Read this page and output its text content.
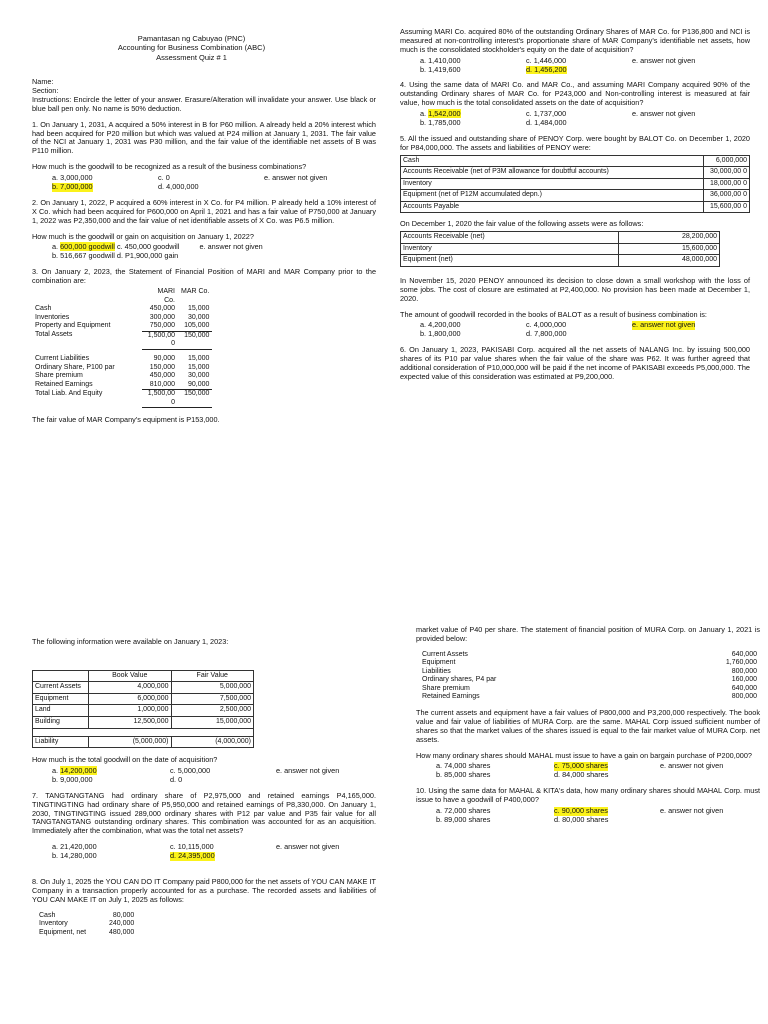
Pamantasan ng Cabuyao (PNC)
Accounting for Business Combination (ABC)
Assessment Quiz # 1
Name:
Section:

Instructions: Encircle the letter of your answer. Erasure/Alteration will invalidate your answer. Use black or blue ball pen only. No name is 50% deduction.

1. On January 1, 2031, A acquired a 50% interest in B for P60 million. A already held a 20% interest which had been acquired for P20 million but which was valued at P24 million at January 1, 2031. The fair value of the NCI at January 1, 2031 was P30 million, and the fair value of the identifiable net assets of B was P110 million.

How much is the goodwill to be recognized as a result of the business combinations?

a. 3,000,000	c. 0	e. answer not given
b. 7,000,000	d. 4,000,000

2. On January 1, 2022, P acquired a 60% interest in X Co. for P4 million. P already held a 10% interest of X Co. which had been acquired for P600,000 on April 1, 2021 and has a fair value of P750,000 at January 1, 2022 was P2,350,000 and the fair value of net identifiable assets of X Co. was P6.5 million.

How much is the goodwill or gain on acquisition on January 1, 2022?

a. 600,000 goodwill c. 450,000 goodwill	e. answer not given
b. 516,667 goodwill d. P1,900,000 gain

3. On January 2, 2023, the Statement of Financial Position of MARI and MAR Company prior to the combination are:

	MARI Co.	MAR Co.
Cash	450,000	15,000
Inventories	300,000	30,000
Property and Equipment	750,000	105,000
Total Assets	1,500,00 0	150,000

Current Liabilities	90,000	15,000
Ordinary Share, P100 par	150,000	15,000
Share premium	450,000	30,000
Retained Earnings	810,000	90,000
Total Liab. And Equity	1,500,00 0	150,000

The fair value of MAR Company's equipment is P153,000.

Assuming MARI Co. acquired 80% of the outstanding Ordinary Shares of MAR Co. for P136,800 and NCI is measured at non-controlling interest's proportionate share of MAR Company's identifiable net assets, how much is the consolidated stockholder's equity on the date of acquisition?

a. 1,410,000	c. 1,446,000	e. answer not given
b. 1,419,600	d. 1,456,200

4. Using the same data of MARI Co. and MAR Co., and assuming MARI Company acquired 90% of the outstanding Ordinary shares of MAR Co. for P243,000 and Non-controlling interest is measured at fair value, how much is the total consolidated assets on the date of acquisition?

a. 1,542,000	c. 1,737,000	e. answer not given
b. 1,785,000	d. 1,484,000

5. All the issued and outstanding share of PENOY Corp. were bought by BALOT Co. on December 1, 2020 for P84,000,000. The assets and liabilities of PENOY were:

Cash	6,000,000
Accounts Receivable (net of P3M allowance for doubtful accounts)	30,000,00 0
Inventory	18,000,00 0
Equipment (net of P12M accumulated depn.)	36,000,00 0
Accounts Payable	15,600,00 0

On December 1, 2020 the fair value of the following assets were as follows:

Accounts Receivable (net)	28,200,000
Inventory	15,600,000
Equipment (net)	48,000,000

In November 15, 2020 PENOY announced its decision to close down a small workshop with the loss of some jobs. The cost of closure are estimated at P2,400,000. No provision has been made at December 1, 2020.

The amount of goodwill recorded in the books of BALOT as a result of business combination is:

a. 4,200,000	c. 4,000,000	e. answer not given
b. 1,800,000	d. 7,800,000

6. On January 1, 2023, PAKISABI Corp. acquired all the net assets of NALANG Inc. by issuing 500,000 shares of its P10 par value shares when the fair value of the share was P62. It was further agreed that additional consideration of P10,000,000 will be paid if the net income of PAKISABI exceeds P5,000,000. The expected value of this consideration was estimated at P9,200,000.

The following information were available on January 1, 2023:

	Book Value	Fair Value
Current Assets	4,000,000	5,000,000
Equipment	6,000,000	7,500,000
Land	1,000,000	2,500,000
Building	12,500,000	15,000,000

Liability	(5,000,000)	(4,000,000)

How much is the total goodwill on the date of acquisition?

a. 14,200,000	c. 5,000,000	e. answer not given
b. 9,000,000	d. 0

7. TANGTANGTANG had ordinary share of P2,975,000 and retained earnings P4,165,000. TINGTINGTING had ordinary share of P5,950,000 and retained earnings of P8,330,000. On January 1, 2030, TINGTINGTING issued 289,000 ordinary shares with P12 par value and P35 fair value for all TANGTANGTANG outstanding ordinary shares. This combination was accounted for as an acquisition. Immediately after the combination, what was the total net assets?

a. 21,420,000	c. 10,115,000	e. answer not given
b. 14,280,000	d. 24,395,000

8. On July 1, 2025 the YOU CAN DO IT Company paid P800,000 for the net assets of YOU CAN MAKE IT Company in a transaction properly accounted for as a purchase. The recorded assets and liabilities of YOU CAN MAKE IT on July 1, 2025 as follows:

Cash	80,000
Inventory	240,000
Equipment, net	480,000

market value of P40 per share. The statement of financial position of MURA Corp. on January 1, 2021 is provided below:

Current Assets	640,000
Equipment	1,760,000
Liabilities	800,000
Ordinary shares, P4 par	160,000
Share premium	640,000
Retained Earnings	800,000

The current assets and equipment have a fair values of P800,000 and P3,200,000 respectively. The book value and fair value of liabilities of MURA Corp. are the same. MAHAL Corp issued sufficient number of shares so that the market values of the shares issued is equal to the fair market value of MURA Corp. net assets.

How many ordinary shares should MAHAL must issue to have a gain on bargain purchase of P200,000?

a. 74,000 shares	c. 75,000 shares	e. answer not given
b. 85,000 shares	d. 84,000 shares

10. Using the same data for MAHAL & KITA's data, how many ordinary shares should MAHAL Corp. must issue to have a goodwill of P400,000?

a. 72,000 shares	c. 90,000 shares	e. answer not given
b. 89,000 shares	d. 80,000 shares
